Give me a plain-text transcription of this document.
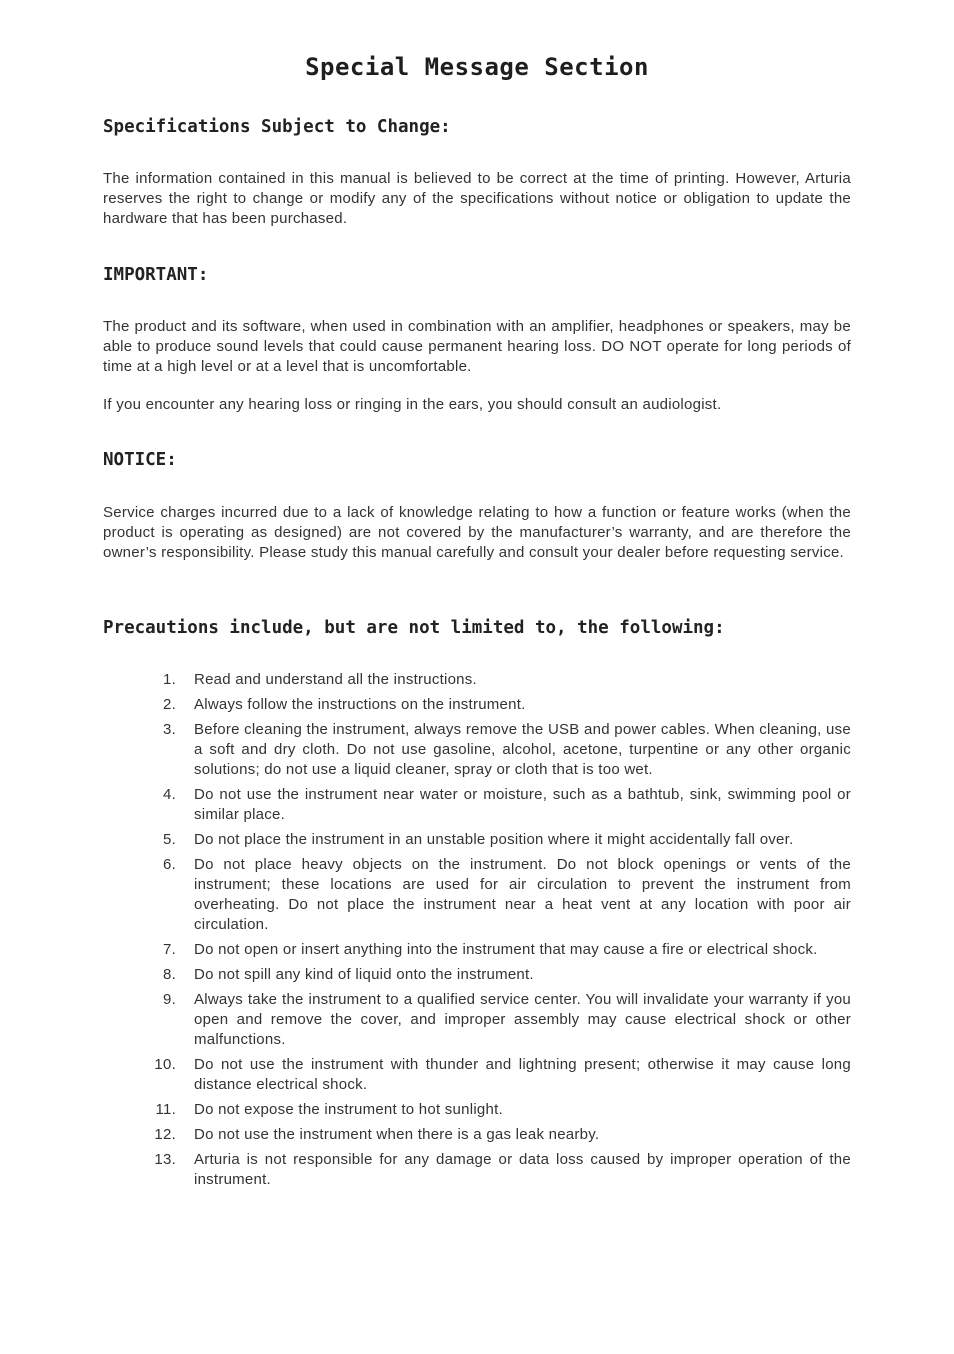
Special Message Section
Specifications Subject to Change:

The information contained in this manual is believed to be correct at the time of printing. However, Arturia reserves the right to change or modify any of the specifications without notice or obligation to update the hardware that has been purchased.

IMPORTANT:

The product and its software, when used in combination with an amplifier, headphones or speakers, may be able to produce sound levels that could cause permanent hearing loss. DO NOT operate for long periods of time at a high level or at a level that is uncomfortable.

If you encounter any hearing loss or ringing in the ears, you should consult an audiologist.

NOTICE:

Service charges incurred due to a lack of knowledge relating to how a function or feature works (when the product is operating as designed) are not covered by the manufacturer’s warranty, and are therefore the owner’s responsibility. Please study this manual carefully and consult your dealer before requesting service.

Precautions include, but are not limited to, the following:
1. Read and understand all the instructions.
2. Always follow the instructions on the instrument.
3. Before cleaning the instrument, always remove the USB and power cables. When cleaning, use a soft and dry cloth. Do not use gasoline, alcohol, acetone, turpentine or any other organic solutions; do not use a liquid cleaner, spray or cloth that is too wet.
4. Do not use the instrument near water or moisture, such as a bathtub, sink, swimming pool or similar place.
5. Do not place the instrument in an unstable position where it might accidentally fall over.
6. Do not place heavy objects on the instrument. Do not block openings or vents of the instrument; these locations are used for air circulation to prevent the instrument from overheating. Do not place the instrument near a heat vent at any location with poor air circulation.
7. Do not open or insert anything into the instrument that may cause a fire or electrical shock.
8. Do not spill any kind of liquid onto the instrument.
9. Always take the instrument to a qualified service center. You will invalidate your warranty if you open and remove the cover, and improper assembly may cause electrical shock or other malfunctions.
10. Do not use the instrument with thunder and lightning present; otherwise it may cause long distance electrical shock.
11. Do not expose the instrument to hot sunlight.
12. Do not use the instrument when there is a gas leak nearby.
13. Arturia is not responsible for any damage or data loss caused by improper operation of the instrument.
